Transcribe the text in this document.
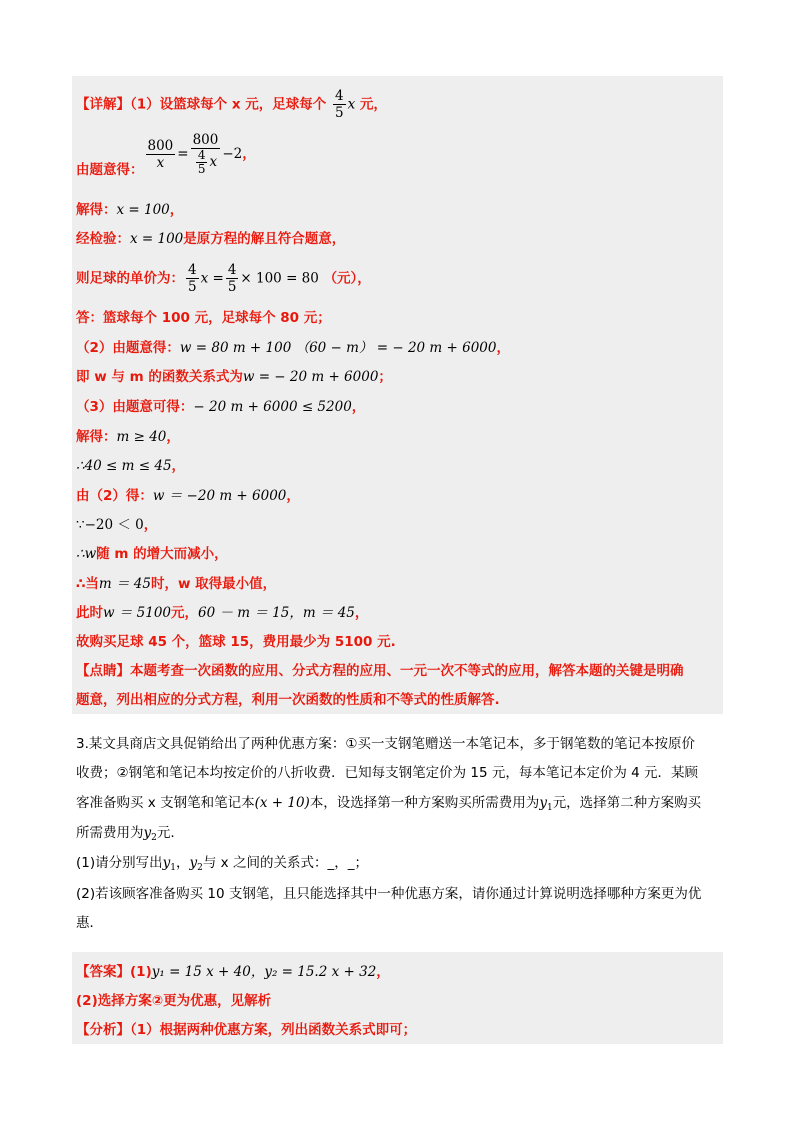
【详解】（1）设篮球每个 x 元，足球每个 $\frac{4}{5}$ x 元，
由题意得： $\frac{800}{x} = \frac{800}{\frac{4}{5} x} -2$，
解得：x = 100，
经检验：x = 100是原方程的解且符合题意，
则足球的单价为： $\frac{4}{5}$ $x = \frac{4}{5} \times 100 = 80$ （元），
答：篮球每个 100 元，足球每个 80 元；
（2）由题意得：w = 80 m + 100 （60 − m） = − 20 m + 6000，
即 w 与 m 的函数关系式为w = − 20 m + 6000；
（3）由题意可得：− 20 m + 6000 ≤ 5200，
解得：m ≥ 40，
∴40 ≤ m ≤ 45，
由（2）得：w ＝ −20 m + 6000，
∵−20 ＜ 0，
∴w随 m 的增大而减小，
∴当m ＝ 45时，w 取得最小值，
此时w ＝ 5100元，60 － m ＝ 15，m ＝ 45，
故购买足球 45 个，篮球 15，费用最少为 5100 元.
【点睛】本题考查一次函数的应用、分式方程的应用、一元一次不等式的应用，解答本题的关键是明确
题意，列出相应的分式方程，利用一次函数的性质和不等式的性质解答.
3.某文具商店文具促销给出了两种优惠方案：①买一支钢笔赠送一本笔记本，多于钢笔数的笔记本按原价
收费；②钢笔和笔记本均按定价的八折收费．已知每支钢笔定价为 15 元，每本笔记本定价为 4 元．某顾
客准备购买 x 支钢笔和笔记本(x + 10)本，设选择第一种方案购买所需费用为$y_1$元，选择第二种方案购买
所需费用为$y_2$元.
(1)请分别写出$y_1$，$y_2$与 x 之间的关系式：_，_；
(2)若该顾客准备购买 10 支钢笔，且只能选择其中一种优惠方案，请你通过计算说明选择哪种方案更为优
惠．
【答案】(1)y₁ = 15 x + 40，y₂ = 15.2 x + 32，
(2)选择方案②更为优惠，见解析
【分析】（1）根据两种优惠方案，列出函数关系式即可；
